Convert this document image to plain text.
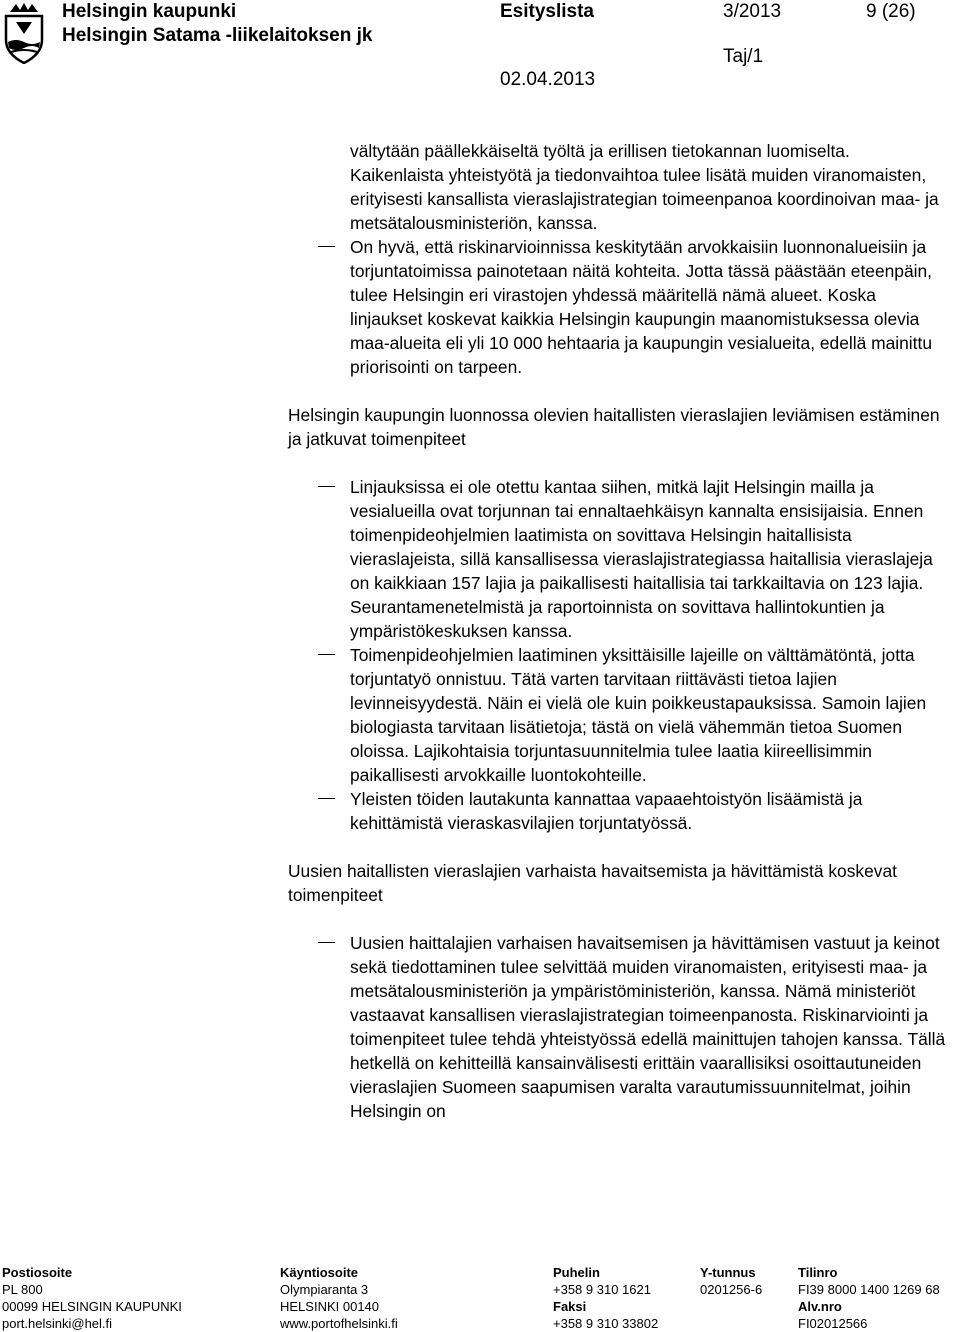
Helsingin kaupunki
Helsingin Satama -liikelaitoksen jk
Esityslista	3/2013	9 (26)
Taj/1
02.04.2013

vältytään päällekkäiseltä työltä ja erillisen tietokannan luomiselta. Kaikenlaista yhteistyötä ja tiedonvaihtoa tulee lisätä muiden viranomaisten, erityisesti kansallista vieraslajistrategian toimeenpanoa koordinoivan maa- ja metsätalousministeriön, kanssa.

On hyvä, että riskinarvioinnissa keskitytään arvokkaisiin luonnonalueisiin ja torjuntatoimissa painotetaan näitä kohteita. Jotta tässä päästään eteenpäin, tulee Helsingin eri virastojen yhdessä määritellä nämä alueet. Koska linjaukset koskevat kaikkia Helsingin kaupungin maanomistuksessa olevia maa-alueita eli yli 10 000 hehtaaria ja kaupungin vesialueita, edellä mainittu priorisointi on tarpeen.

Helsingin kaupungin luonnossa olevien haitallisten vieraslajien leviämisen estäminen ja jatkuvat toimenpiteet

Linjauksissa ei ole otettu kantaa siihen, mitkä lajit Helsingin mailla ja vesialueilla ovat torjunnan tai ennaltaehkäisyn kannalta ensisijaisia. Ennen toimenpideohjelmien laatimista on sovittava Helsingin haitallisista vieraslajeista, sillä kansallisessa vieraslajistrategiassa haitallisia vieraslajeja on kaikkiaan 157 lajia ja paikallisesti haitallisia tai tarkkailtavia on 123 lajia. Seurantamenetelmistä ja raportoinnista on sovittava hallintokuntien ja ympäristökeskuksen kanssa.
Toimenpideohjelmien laatiminen yksittäisille lajeille on välttämätöntä, jotta torjuntatyö onnistuu. Tätä varten tarvitaan riittävästi tietoa lajien levinneisyydestä. Näin ei vielä ole kuin poikkeustapauksissa. Samoin lajien biologiasta tarvitaan lisätietoja; tästä on vielä vähemmän tietoa Suomen oloissa. Lajikohtaisia torjuntasuunnitelmia tulee laatia kiireellisimmin paikallisesti arvokkaille luontokohteille.
Yleisten töiden lautakunta kannattaa vapaaehtoistyön lisäämistä ja kehittämistä vieraskasvilajien torjuntatyössä.

Uusien haitallisten vieraslajien varhaista havaitsemista ja hävittämistä koskevat toimenpiteet

Uusien haittalajien varhaisen havaitsemisen ja hävittämisen vastuut ja keinot sekä tiedottaminen tulee selvittää muiden viranomaisten, erityisesti maa- ja metsätalousministeriön ja ympäristöministeriön, kanssa. Nämä ministeriöt vastaavat kansallisen vieraslajistrategian toimeenpanosta. Riskinarviointi ja toimenpiteet tulee tehdä yhteistyössä edellä mainittujen tahojen kanssa. Tällä hetkellä on kehitteillä kansainvälisesti erittäin vaarallisiksi osoittautuneiden vieraslajien Suomeen saapumisen varalta varautumissuunnitelmat, joihin Helsingin on
Postiosoite
PL 800
00099 HELSINGIN KAUPUNKI
port.helsinki@hel.fi
Käyntiosoite
Olympiaranta 3
HELSINKI 00140
www.portofhelsinki.fi
Puhelin
+358 9 310 1621
Faksi
+358 9 310 33802
Y-tunnus
0201256-6
Tilinro
FI39 8000 1400 1269 68
Alv.nro
FI02012566
